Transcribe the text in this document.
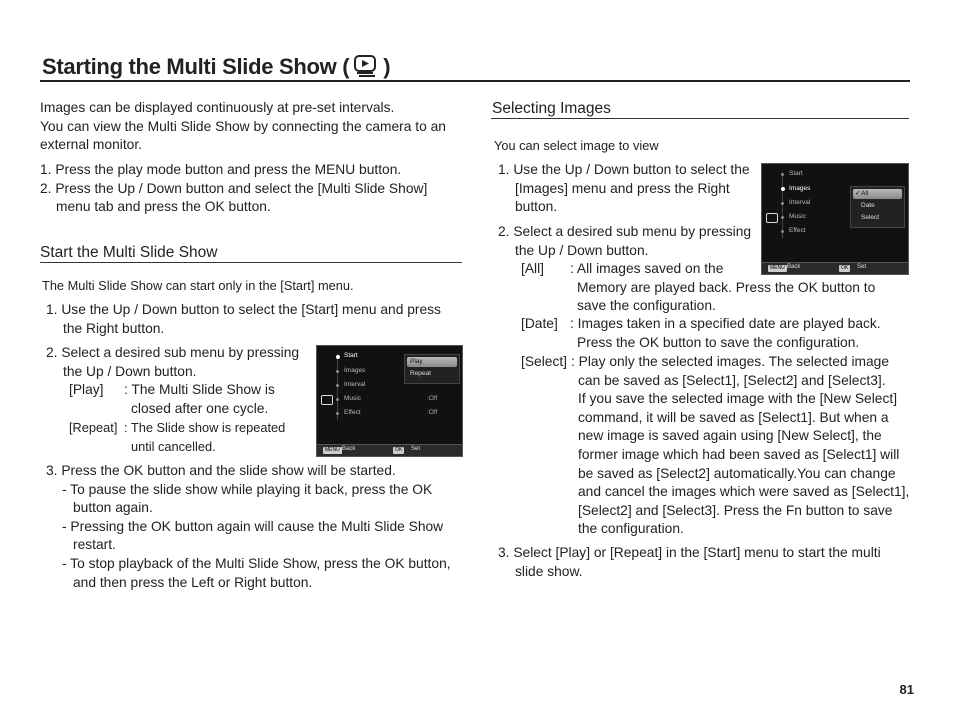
Starting the Multi Slide Show ( )
Images can be displayed continuously at pre-set intervals.
You can view the Multi Slide Show by connecting the camera to an
external monitor.
1. Press the play mode button and press the MENU button.
2. Press the Up / Down button and select the [Multi Slide Show]
menu tab and press the OK button.
Start the Multi Slide Show
The Multi Slide Show can start only in the [Start] menu.
1. Use the Up / Down button to select the [Start] menu and press
the Right button.
2. Select a desired sub menu by pressing
the Up / Down button.
[Play] : The Multi Slide Show is
closed after one cycle.
[Repeat] : The Slide show is repeated
until cancelled.
3. Press the OK button and the slide show will be started.
- To pause the slide show while playing it back, press the OK
button again.
- Pressing the OK button again will cause the Multi Slide Show
restart.
- To stop playback of the Multi Slide Show, press the OK button,
and then press the Left or Right button.
Start
Images
Interval
Music
Effect
Play
Repeat
:Off
:Off
MENU Back	OK	Set
Selecting Images
You can select image to view
1. Use the Up / Down button to select the
[Images] menu and press the Right
button.
2. Select a desired sub menu by pressing
the Up / Down button.
[All] : All images saved on the
Memory are played back. Press the OK button to
save the configuration.
[Date] : Images taken in a specified date are played back.
Press the OK button to save the configuration.
[Select] : Play only the selected images. The selected image
can be saved as [Select1], [Select2] and [Select3].
If you save the selected image with the [New Select]
command, it will be saved as [Select1]. But when a
new image is saved again using [New Select], the
former image which had been saved as [Select1] will
be saved as [Select2] automatically.You can change
and cancel the images which were saved as [Select1],
[Select2] and [Select3]. Press the Fn button to save
the configuration.
3. Select [Play] or [Repeat] in the [Start] menu to start the multi
slide show.
Start
Images
Interval
Music
Effect
✓ All
Date
Select
MENU Back	OK	Set
81
